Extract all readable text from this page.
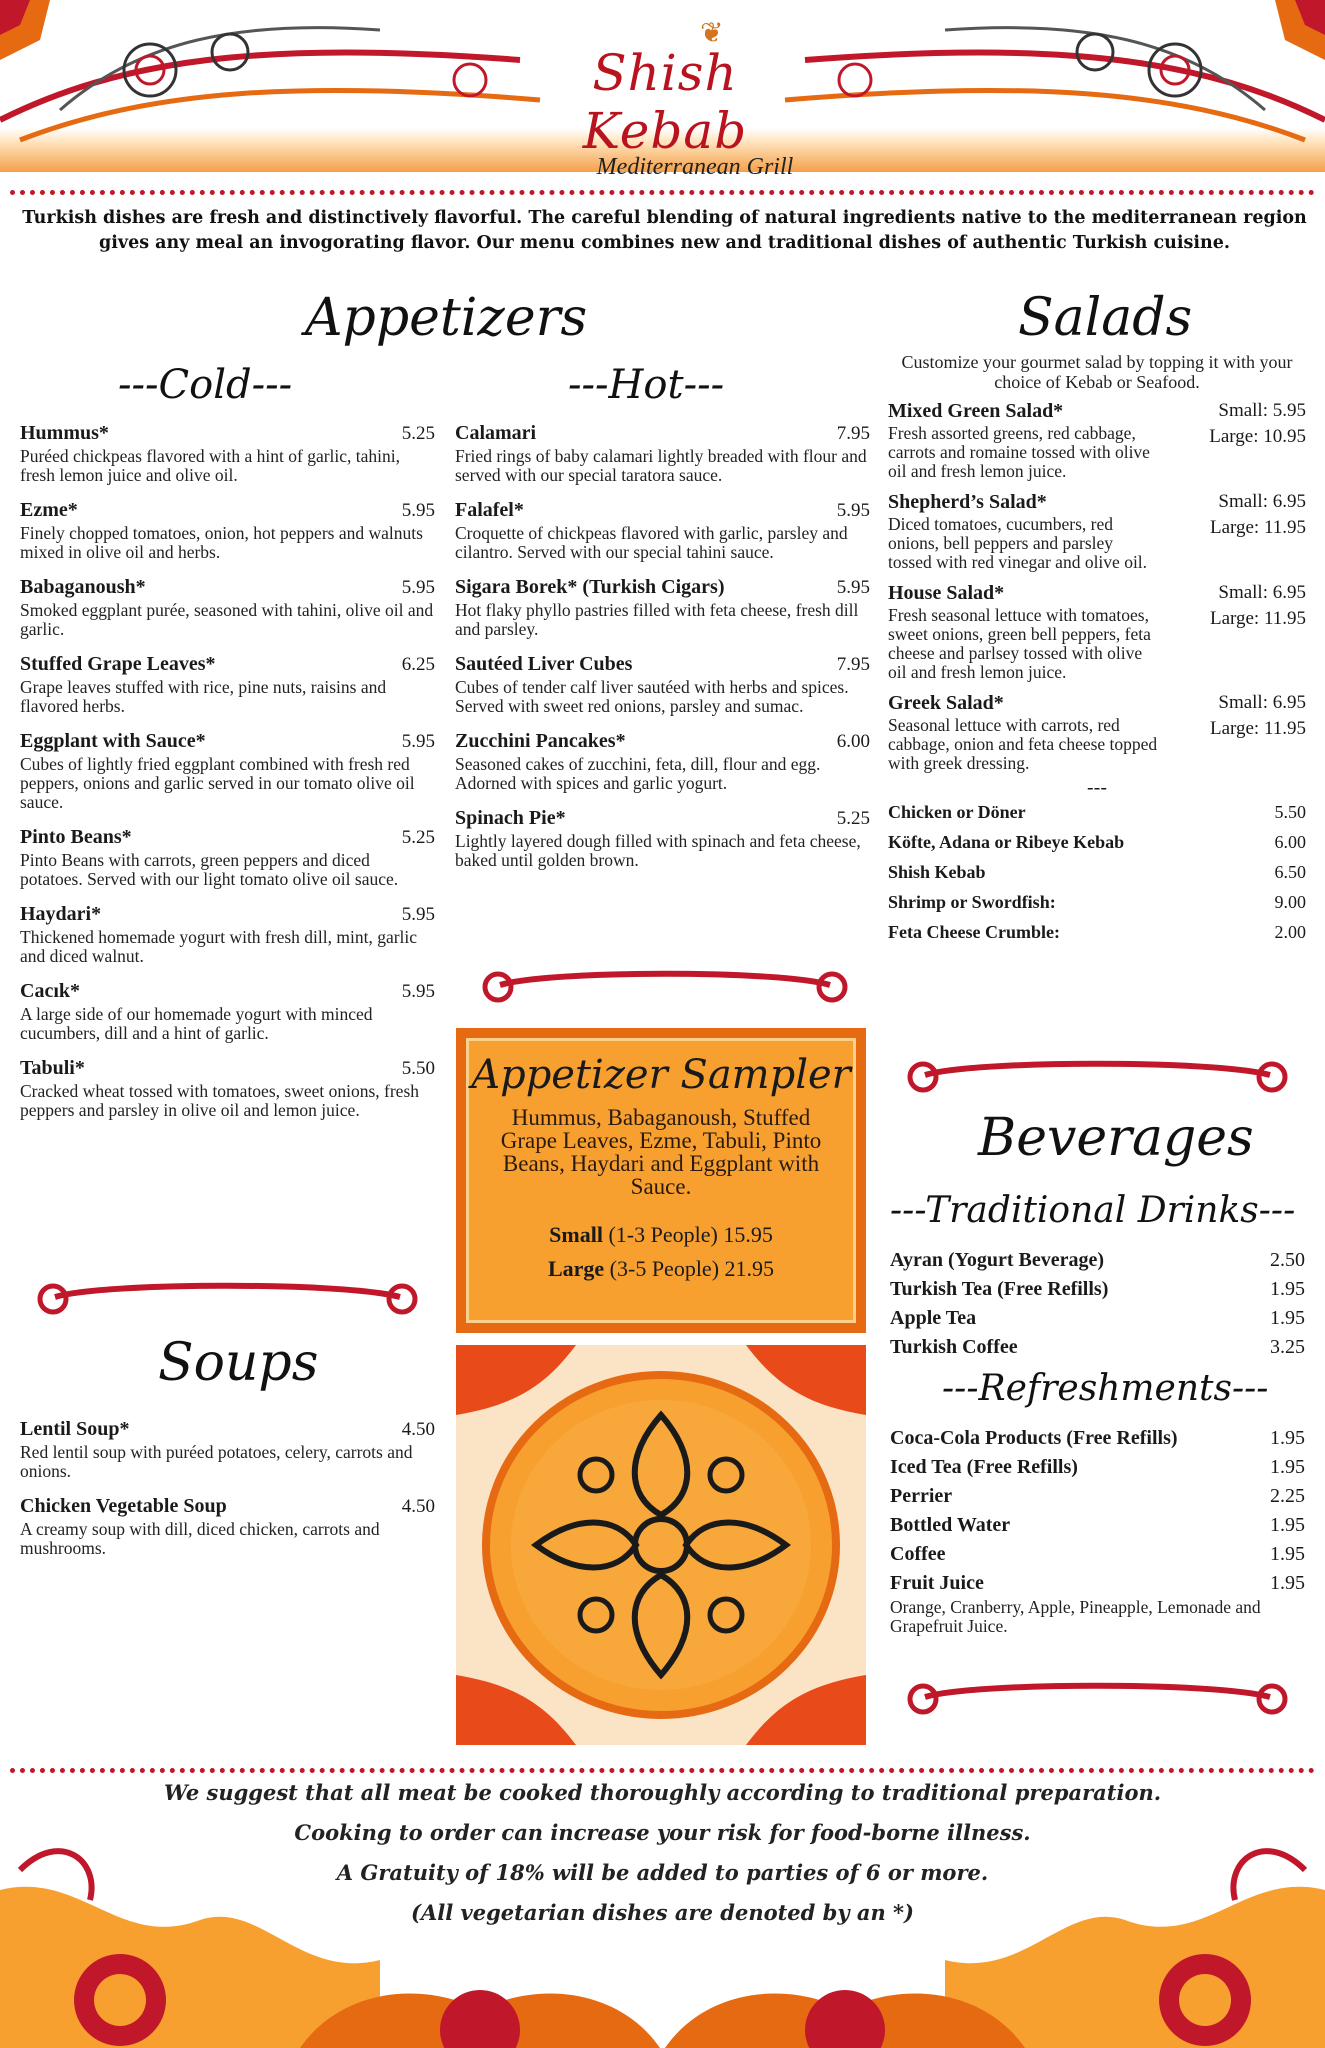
❦
Shish Kebab
Mediterranean Grill
Turkish dishes are fresh and distinctively flavorful. The careful blending of natural ingredients native to the mediterranean region gives any meal an invogorating flavor. Our menu combines new and traditional dishes of authentic Turkish cuisine.
Appetizers
---Cold---	---Hot---
Hummus*	5.25
Puréed chickpeas flavored with a hint of garlic, tahini, fresh lemon juice and olive oil.
Ezme*	5.95
Finely chopped tomatoes, onion, hot peppers and walnuts mixed in olive oil and herbs.
Babaganoush*	5.95
Smoked eggplant purée, seasoned with tahini, olive oil and garlic.
Stuffed Grape Leaves*	6.25
Grape leaves stuffed with rice, pine nuts, raisins and flavored herbs.
Eggplant with Sauce*	5.95
Cubes of lightly fried eggplant combined with fresh red peppers, onions and garlic served in our tomato olive oil sauce.
Pinto Beans*	5.25
Pinto Beans with carrots, green peppers and diced potatoes. Served with our light tomato olive oil sauce.
Haydari*	5.95
Thickened homemade yogurt with fresh dill, mint, garlic and diced walnut.
Cacık*	5.95
A large side of our homemade yogurt with minced cucumbers, dill and a hint of garlic.
Tabuli*	5.50
Cracked wheat tossed with tomatoes, sweet onions, fresh peppers and parsley in olive oil and lemon juice.
Calamari	7.95
Fried rings of baby calamari lightly breaded with flour and served with our special taratora sauce.
Falafel*	5.95
Croquette of chickpeas flavored with garlic, parsley and cilantro. Served with our special tahini sauce.
Sigara Borek* (Turkish Cigars)	5.95
Hot flaky phyllo pastries filled with feta cheese, fresh dill and parsley.
Sautéed Liver Cubes	7.95
Cubes of tender calf liver sautéed with herbs and spices. Served with sweet red onions, parsley and sumac.
Zucchini Pancakes*	6.00
Seasoned cakes of zucchini, feta, dill, flour and egg. Adorned with spices and garlic yogurt.
Spinach Pie*	5.25
Lightly layered dough filled with spinach and feta cheese, baked until golden brown.
Appetizer Sampler
Hummus, Babaganoush, Stuffed Grape Leaves, Ezme, Tabuli, Pinto Beans, Haydari and Eggplant with Sauce.
Small (1-3 People) 15.95
Large (3-5 People) 21.95
Soups
Lentil Soup*	4.50
Red lentil soup with puréed potatoes, celery, carrots and onions.
Chicken Vegetable Soup	4.50
A creamy soup with dill, diced chicken, carrots and mushrooms.
Salads
Customize your gourmet salad by topping it with your choice of Kebab or Seafood.
Mixed Green Salad*
Fresh assorted greens, red cabbage, carrots and romaine tossed with olive oil and fresh lemon juice.
Small: 5.95
Large: 10.95
Shepherd’s Salad*
Diced tomatoes, cucumbers, red onions, bell peppers and parsley tossed with red vinegar and olive oil.
Small: 6.95
Large: 11.95
House Salad*
Fresh seasonal lettuce with tomatoes, sweet onions, green bell peppers, feta cheese and parlsey tossed with olive oil and fresh lemon juice.
Small: 6.95
Large: 11.95
Greek Salad*
Seasonal lettuce with carrots, red cabbage, onion and feta cheese topped with greek dressing.
Small: 6.95
Large: 11.95
---
Chicken or Döner	5.50
Köfte, Adana or Ribeye Kebab	6.00
Shish Kebab	6.50
Shrimp or Swordfish:	9.00
Feta Cheese Crumble:	2.00
Beverages
---Traditional Drinks---
Ayran (Yogurt Beverage)	2.50
Turkish Tea (Free Refills)	1.95
Apple Tea	1.95
Turkish Coffee	3.25
---Refreshments---
Coca-Cola Products (Free Refills)	1.95
Iced Tea (Free Refills)	1.95
Perrier	2.25
Bottled Water	1.95
Coffee	1.95
Fruit Juice	1.95
Orange, Cranberry, Apple, Pineapple, Lemonade and Grapefruit Juice.
We suggest that all meat be cooked thoroughly according to traditional preparation.
Cooking to order can increase your risk for food-borne illness.
A Gratuity of 18% will be added to parties of 6 or more.
(All vegetarian dishes are denoted by an *)
